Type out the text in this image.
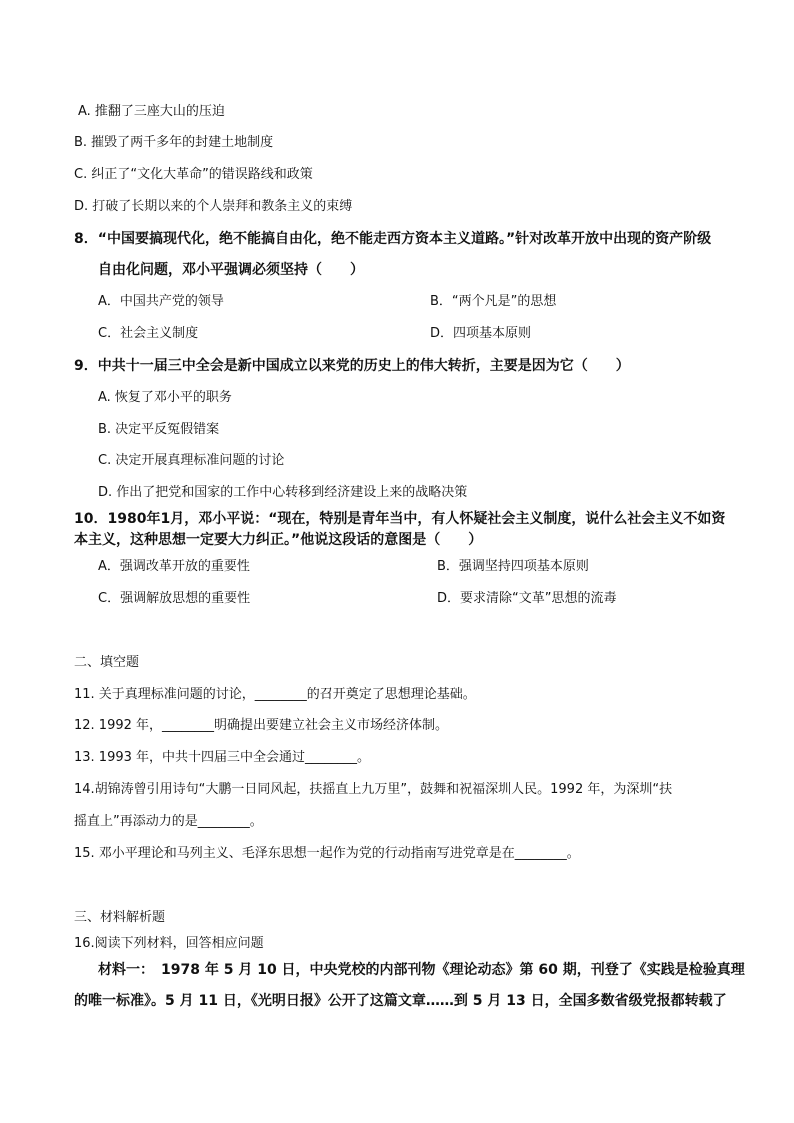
A. 推翻了三座大山的压迫
B. 摧毁了两千多年的封建土地制度
C. 纠正了“文化大革命”的错误路线和政策
D. 打破了长期以来的个人崇拜和教条主义的束缚
8．“中国要搞现代化，绝不能搞自由化，绝不能走西方资本主义道路。”针对改革开放中出现的资产阶级
自由化问题，邓小平强调必须坚持（　　）
A．中国共产党的领导	B．“两个凡是”的思想
C．社会主义制度	D．四项基本原则
9．中共十一届三中全会是新中国成立以来党的历史上的伟大转折，主要是因为它（　　）
A. 恢复了邓小平的职务
B. 决定平反冤假错案
C. 决定开展真理标准问题的讨论
D. 作出了把党和国家的工作中心转移到经济建设上来的战略决策
10．1980年1月，邓小平说：“现在，特别是青年当中，有人怀疑社会主义制度，说什么社会主义不如资
本主义，这种思想一定要大力纠正。”他说这段话的意图是（　　）
A．强调改革开放的重要性	B．强调坚持四项基本原则
C．强调解放思想的重要性	D．要求清除“文革”思想的流毒
二、填空题
11. 关于真理标准问题的讨论，________的召开奠定了思想理论基础。
12. 1992 年，________明确提出要建立社会主义市场经济体制。
13. 1993 年，中共十四届三中全会通过________。
14.胡锦涛曾引用诗句“大鹏一日同风起，扶摇直上九万里”，鼓舞和祝福深圳人民。1992 年，为深圳“扶
摇直上”再添动力的是________。
15. 邓小平理论和马列主义、毛泽东思想一起作为党的行动指南写进党章是在________。
三、材料解析题
16.阅读下列材料，回答相应问题
材料一：　1978 年 5 月 10 日，中央党校的内部刊物《理论动态》第 60 期，刊登了《实践是检验真理
的唯一标准》。5 月 11 日，《光明日报》公开了这篇文章……到 5 月 13 日，全国多数省级党报都转载了
